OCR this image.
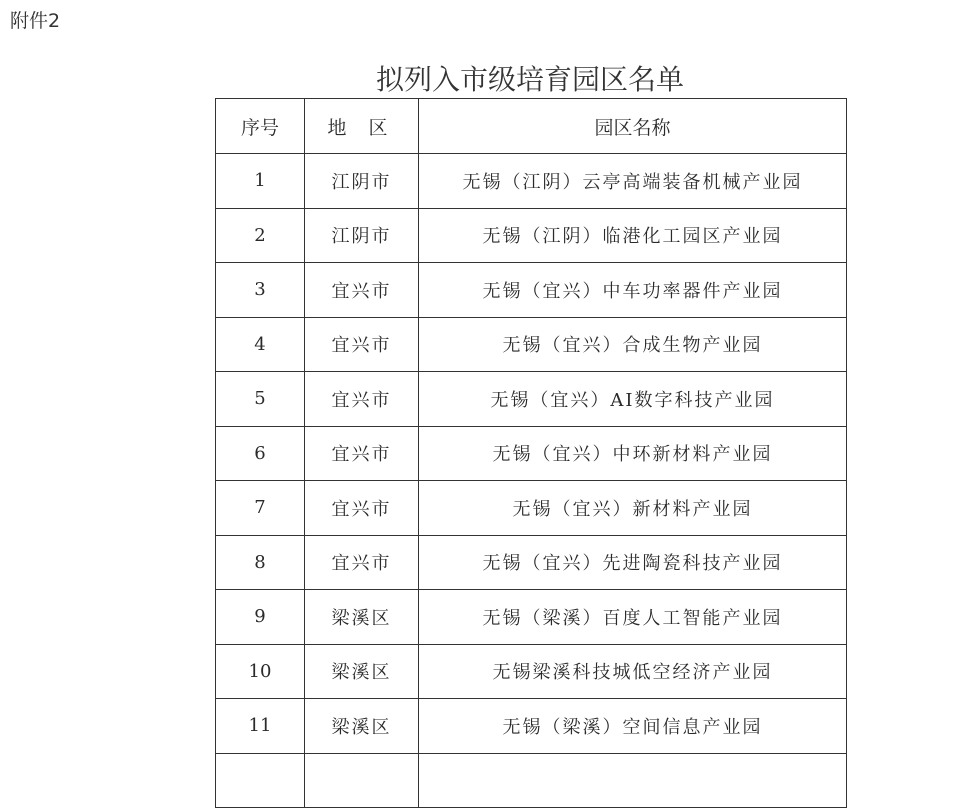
附件2
拟列入市级培育园区名单
序号	地 区	园区名称
1	江阴市	无锡（江阴）云亭高端装备机械产业园
2	江阴市	无锡（江阴）临港化工园区产业园
3	宜兴市	无锡（宜兴）中车功率器件产业园
4	宜兴市	无锡（宜兴）合成生物产业园
5	宜兴市	无锡（宜兴）AI数字科技产业园
6	宜兴市	无锡（宜兴）中环新材料产业园
7	宜兴市	无锡（宜兴）新材料产业园
8	宜兴市	无锡（宜兴）先进陶瓷科技产业园
9	梁溪区	无锡（梁溪）百度人工智能产业园
10	梁溪区	无锡梁溪科技城低空经济产业园
11	梁溪区	无锡（梁溪）空间信息产业园
